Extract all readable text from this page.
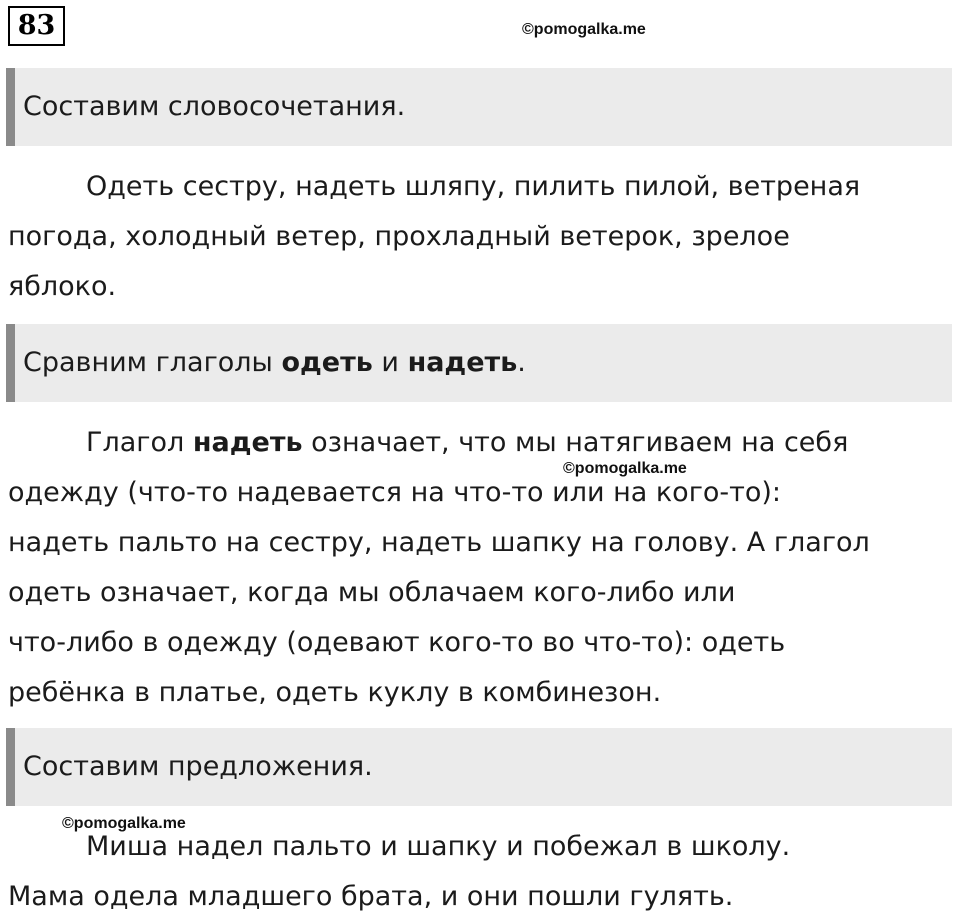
83	©pomogalka.me
Составим словосочетания.
Одеть сестру, надеть шляпу, пилить пилой, ветреная
погода, холодный ветер, прохладный ветерок, зрелое
яблоко.
Сравним глаголы одеть и надеть.
Глагол надеть означает, что мы натягиваем на себя
одежду (что-то надевается на что-то или на кого-то):
надеть пальто на сестру, надеть шапку на голову. А глагол
одеть означает, когда мы облачаем кого-либо или
что-либо в одежду (одевают кого-то во что-то): одеть
ребёнка в платье, одеть куклу в комбинезон.
©pomogalka.me
Составим предложения.
©pomogalka.me
Миша надел пальто и шапку и побежал в школу.
Мама одела младшего брата, и они пошли гулять.
